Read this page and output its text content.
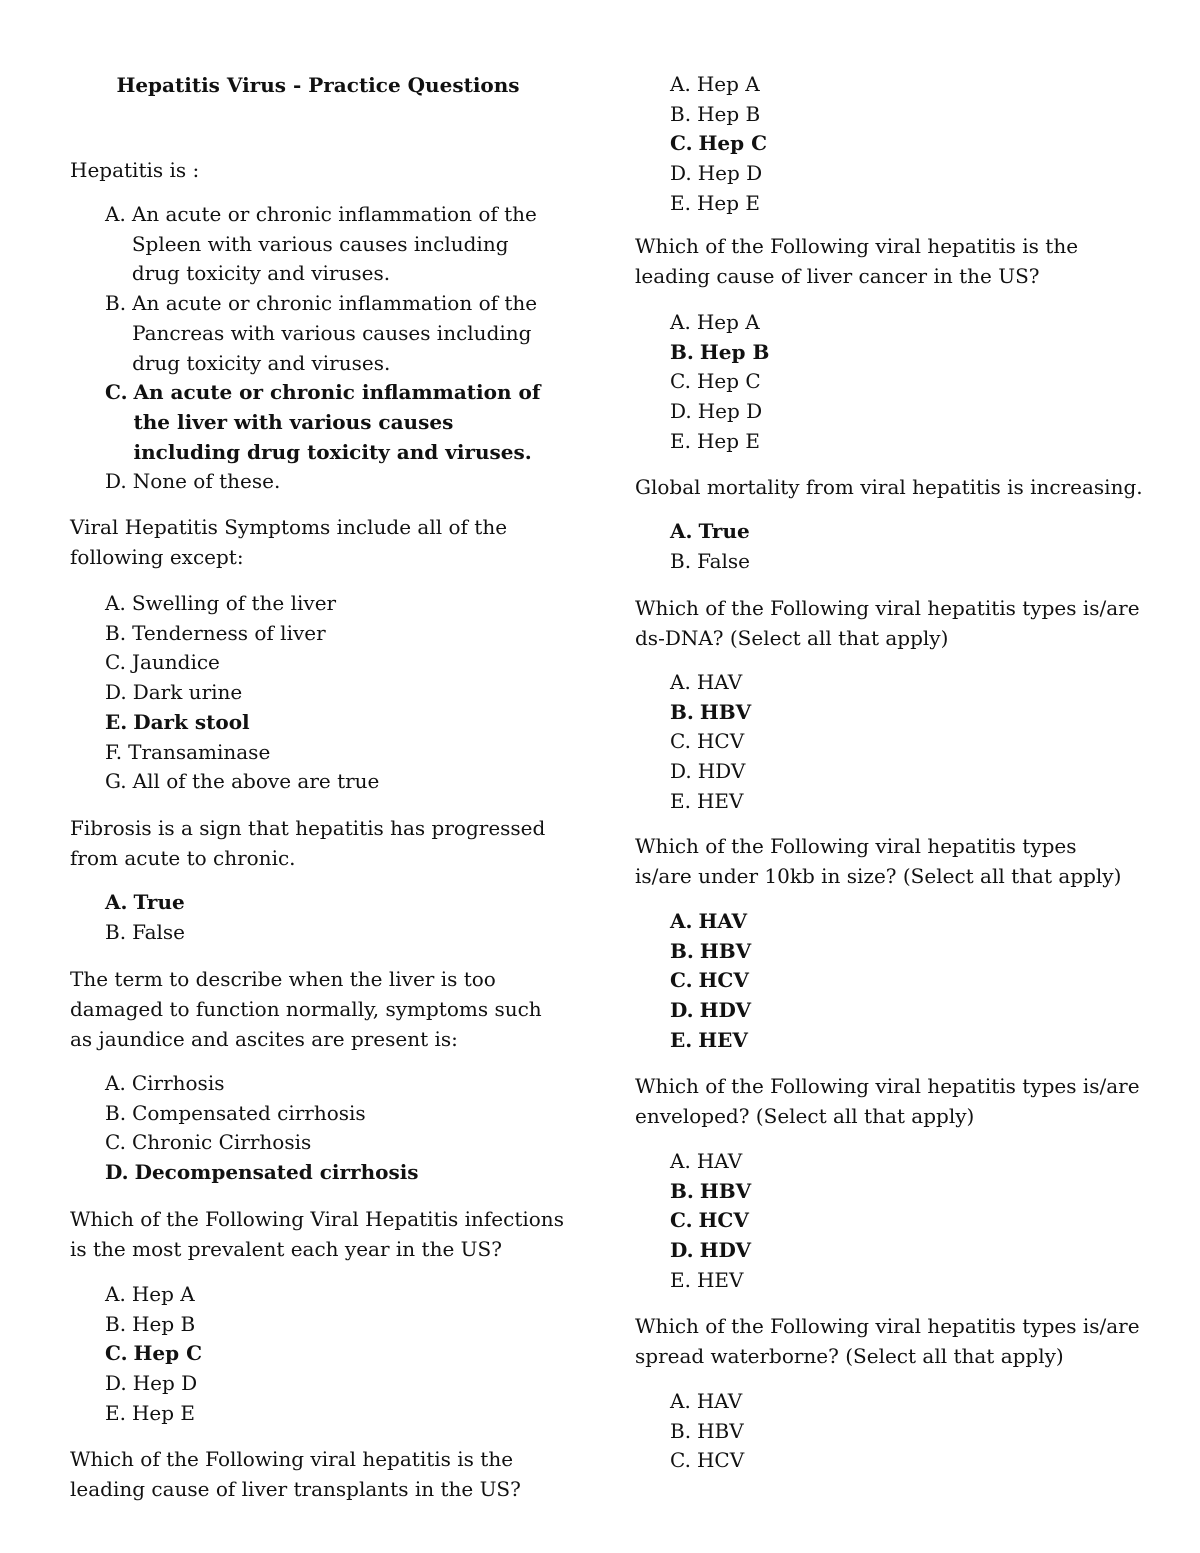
Hepatitis Virus - Practice Questions

Hepatitis is :

A. An acute or chronic inflammation of the Spleen with various causes including drug toxicity and viruses.
B. An acute or chronic inflammation of the Pancreas with various causes including drug toxicity and viruses.
C. An acute or chronic inflammation of the liver with various causes including drug toxicity and viruses.
D. None of these.

Viral Hepatitis Symptoms include all of the following except:

A. Swelling of the liver
B. Tenderness of liver
C. Jaundice
D. Dark urine
E. Dark stool
F. Transaminase
G. All of the above are true

Fibrosis is a sign that hepatitis has progressed from acute to chronic.

A. True
B. False

The term to describe when the liver is too damaged to function normally, symptoms such as jaundice and ascites are present is:

A. Cirrhosis
B. Compensated cirrhosis
C. Chronic Cirrhosis
D. Decompensated cirrhosis

Which of the Following Viral Hepatitis infections is the most prevalent each year in the US?

A. Hep A
B. Hep B
C. Hep C
D. Hep D
E. Hep E

Which of the Following viral hepatitis is the leading cause of liver transplants in the US?

A. Hep A
B. Hep B
C. Hep C
D. Hep D
E. Hep E

Which of the Following viral hepatitis is the leading cause of liver cancer in the US?

A. Hep A
B. Hep B
C. Hep C
D. Hep D
E. Hep E

Global mortality from viral hepatitis is increasing.

A. True
B. False

Which of the Following viral hepatitis types is/are ds-DNA? (Select all that apply)

A. HAV
B. HBV
C. HCV
D. HDV
E. HEV

Which of the Following viral hepatitis types is/are under 10kb in size? (Select all that apply)

A. HAV
B. HBV
C. HCV
D. HDV
E. HEV

Which of the Following viral hepatitis types is/are enveloped? (Select all that apply)

A. HAV
B. HBV
C. HCV
D. HDV
E. HEV

Which of the Following viral hepatitis types is/are spread waterborne? (Select all that apply)

A. HAV
B. HBV
C. HCV
